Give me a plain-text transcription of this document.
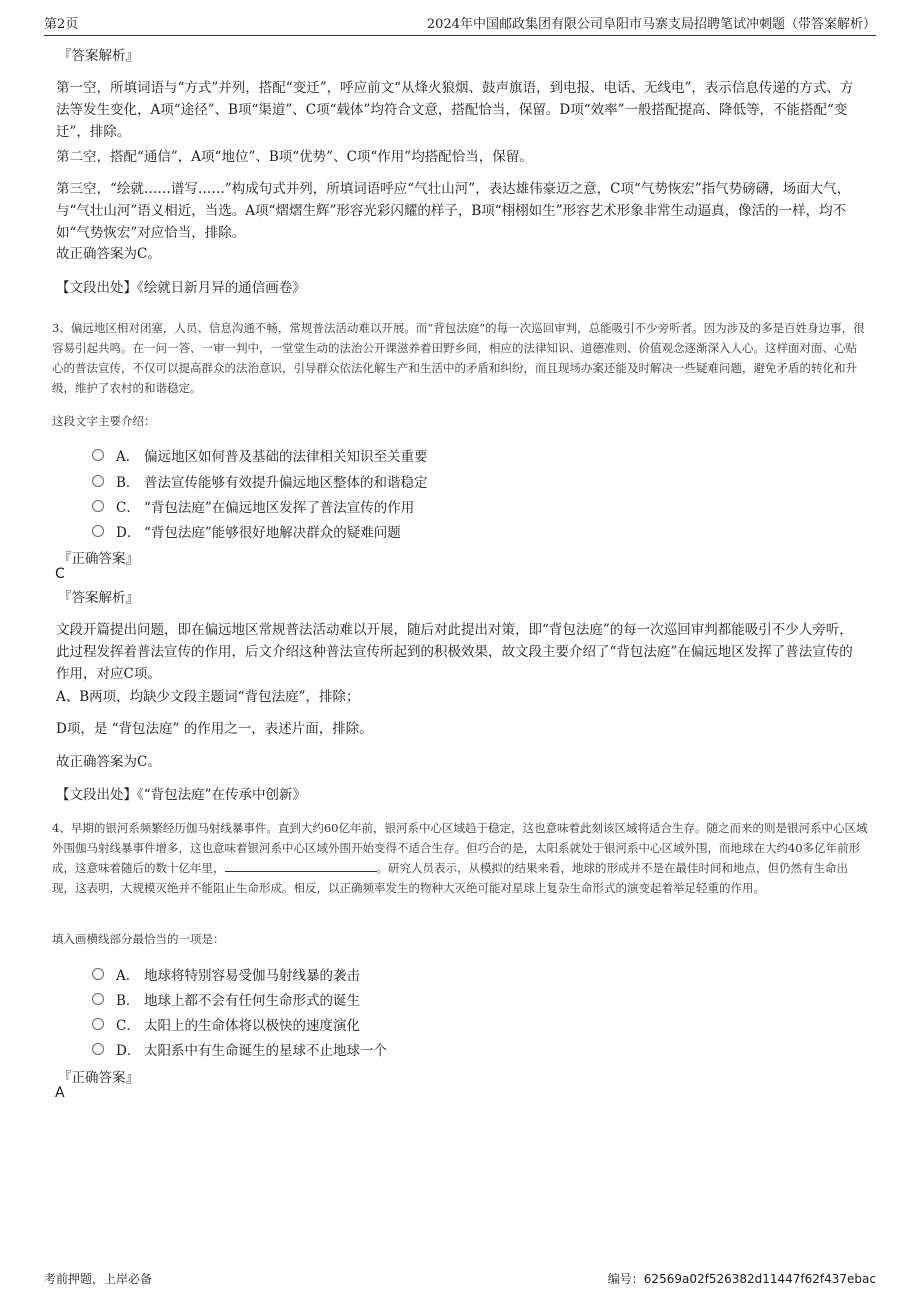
第2页	2024年中国邮政集团有限公司阜阳市马寨支局招聘笔试冲刺题（带答案解析）
『答案解析』
第一空，所填词语与“方式”并列，搭配“变迁”，呼应前文“从烽火狼烟、鼓声旗语，到电报、电话、无线电”，表示信息传递的方式、方法等发生变化，A项“途径”、B项“渠道”、C项“载体”均符合文意，搭配恰当，保留。D项“效率”一般搭配提高、降低等，不能搭配“变迁”，排除。
第二空，搭配“通信”，A项“地位”、B项“优势”、C项“作用”均搭配恰当，保留。
第三空，“绘就……谱写……”构成句式并列，所填词语呼应“气壮山河”，表达雄伟豪迈之意，C项“气势恢宏”指气势磅礴，场面大气，与“气壮山河”语义相近，当选。A项“熠熠生辉”形容光彩闪耀的样子，B项“栩栩如生”形容艺术形象非常生动逼真，像活的一样，均不如“气势恢宏”对应恰当，排除。
故正确答案为C。
【文段出处】《绘就日新月异的通信画卷》
3、偏远地区相对闭塞，人员、信息沟通不畅，常规普法活动难以开展。而“背包法庭”的每一次巡回审判，总能吸引不少旁听者。因为涉及的多是百姓身边事，很容易引起共鸣。在一问一答、一审一判中，一堂堂生动的法治公开课滋养着田野乡间，相应的法律知识、道德准则、价值观念逐渐深入人心。这样面对面、心贴心的普法宣传，不仅可以提高群众的法治意识，引导群众依法化解生产和生活中的矛盾和纠纷，而且现场办案还能及时解决一些疑难问题，避免矛盾的转化和升级，维护了农村的和谐稳定。
这段文字主要介绍：
A． 偏远地区如何普及基础的法律相关知识至关重要
B． 普法宣传能够有效提升偏远地区整体的和谐稳定
C． “背包法庭”在偏远地区发挥了普法宣传的作用
D． “背包法庭”能够很好地解决群众的疑难问题
『正确答案』
C
『答案解析』
文段开篇提出问题，即在偏远地区常规普法活动难以开展，随后对此提出对策，即“背包法庭”的每一次巡回审判都能吸引不少人旁听，此过程发挥着普法宣传的作用，后文介绍这种普法宣传所起到的积极效果，故文段主要介绍了“背包法庭”在偏远地区发挥了普法宣传的作用，对应C项。
A、B两项，均缺少文段主题词“背包法庭”，排除；
D项，是 “背包法庭” 的作用之一，表述片面，排除。
故正确答案为C。
【文段出处】《“背包法庭”在传承中创新》
4、早期的银河系频繁经历伽马射线暴事件。直到大约60亿年前，银河系中心区域趋于稳定，这也意味着此刻该区域将适合生存。随之而来的则是银河系中心区域外围伽马射线暴事件增多，这也意味着银河系中心区域外围开始变得不适合生存。但巧合的是，太阳系就处于银河系中心区域外围，而地球在大约40多亿年前形成，这意味着随后的数十亿年里，	。研究人员表示，从模拟的结果来看，地球的形成并不是在最佳时间和地点，但仍然有生命出现，这表明，大规模灭绝并不能阻止生命形成。相反，以正确频率发生的物种大灭绝可能对星球上复杂生命形式的演变起着举足轻重的作用。
填入画横线部分最恰当的一项是：
A． 地球将特别容易受伽马射线暴的袭击
B． 地球上都不会有任何生命形式的诞生
C． 太阳上的生命体将以极快的速度演化
D． 太阳系中有生命诞生的星球不止地球一个
『正确答案』
A
考前押题，上岸必备	编号：62569a02f526382d11447f62f437ebac
